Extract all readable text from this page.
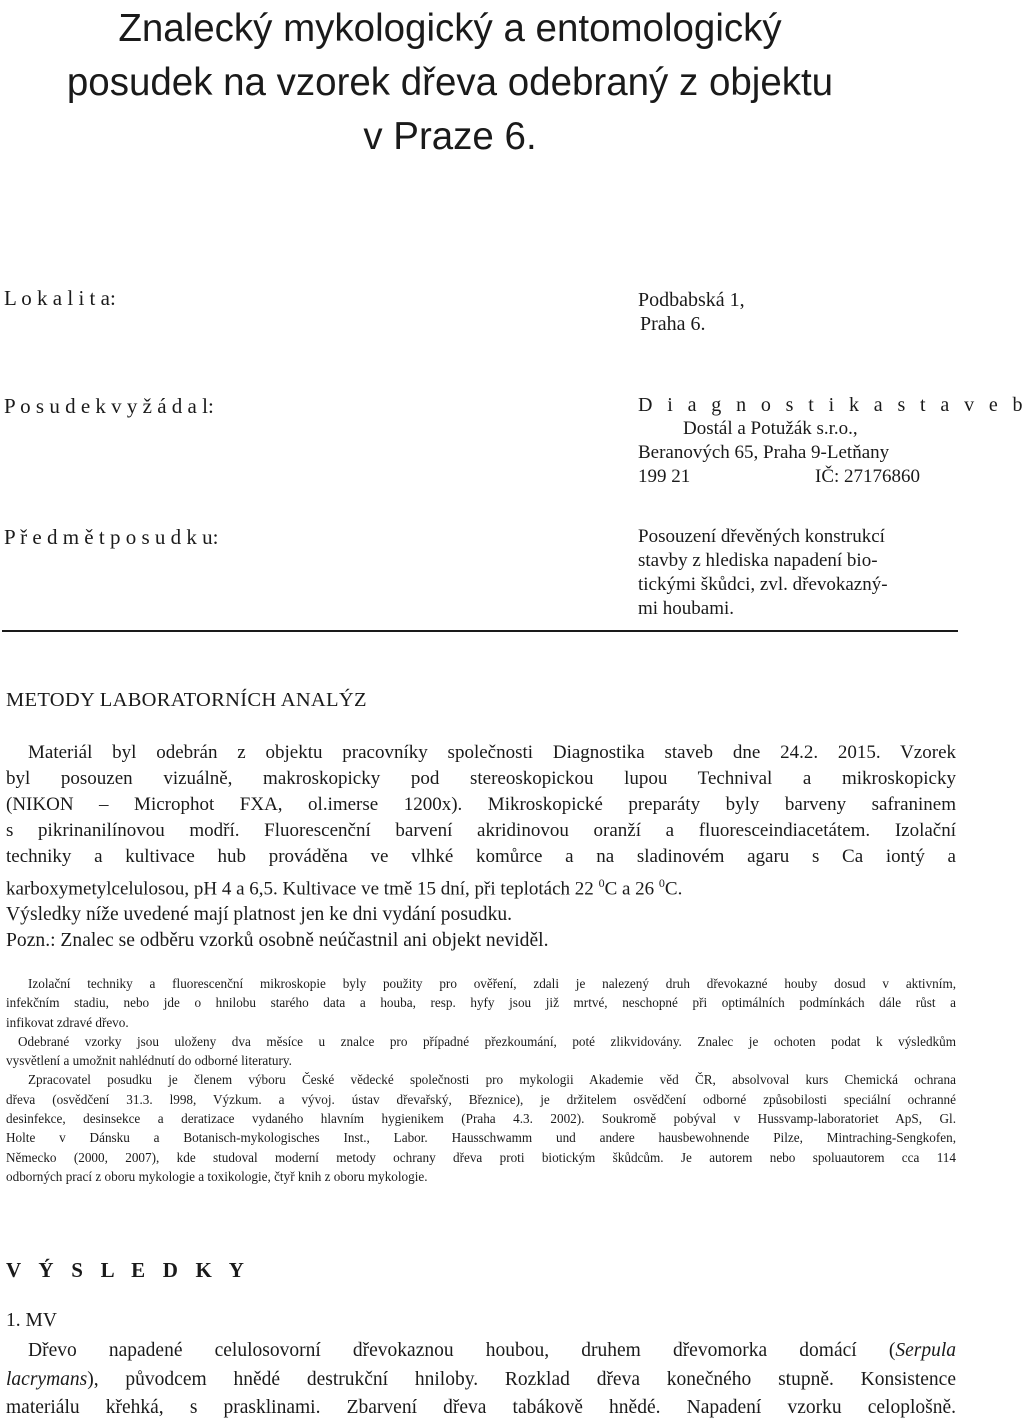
Znalecký mykologický a entomologický
posudek na vzorek dřeva odebraný z objektu
v Praze 6.
L o k a l i t a:	Podbabská 1,
Praha 6.
P o s u d e k v y ž á d a l:	D i a g n o s t i k a s t a v e b
Dostál a Potužák s.r.o.,
Beranových 65, Praha 9-Letňany
199 21	IČ: 27176860
P ř e d m ě t p o s u d k u:	Posouzení dřevěných konstrukcí
stavby z hlediska napadení bio-
tickými škůdci, zvl. dřevokazný-
mi houbami.
METODY LABORATORNÍCH ANALÝZ
Materiál byl odebrán z objektu pracovníky společnosti Diagnostika staveb dne 24.2. 2015. Vzorek
byl posouzen vizuálně, makroskopicky pod stereoskopickou lupou Technival a mikroskopicky
(NIKON – Microphot FXA, ol.imerse 1200x). Mikroskopické preparáty byly barveny safraninem
s pikrinanilínovou modří. Fluorescenční barvení akridinovou oranží a fluoresceindiacetátem. Izolační
techniky a kultivace hub prováděna ve vlhké komůrce a na sladinovém agaru s Ca iontý a
karboxymetylcelulosou, pH 4 a 6,5. Kultivace ve tmě 15 dní, při teplotách 22 $^0$C a 26 $^0$C.
Výsledky níže uvedené mají platnost jen ke dni vydání posudku.
Pozn.: Znalec se odběru vzorků osobně neúčastnil ani objekt neviděl.
Izolační techniky a fluorescenční mikroskopie byly použity pro ověření, zdali je nalezený druh dřevokazné houby dosud v aktivním,
infekčním stadiu, nebo jde o hnilobu starého data a houba, resp. hyfy jsou již mrtvé, neschopné při optimálních podmínkách dále růst a
infikovat zdravé dřevo.
Odebrané vzorky jsou uloženy dva měsíce u znalce pro případné přezkoumání, poté zlikvidovány. Znalec je ochoten podat k výsledkům
vysvětlení a umožnit nahlédnutí do odborné literatury.
Zpracovatel posudku je členem výboru České vědecké společnosti pro mykologii Akademie věd ČR, absolvoval kurs Chemická ochrana
dřeva (osvědčení 31.3. l998, Výzkum. a vývoj. ústav dřevařský, Březnice), je držitelem osvědčení odborné způsobilosti speciální ochranné
desinfekce, desinsekce a deratizace vydaného hlavním hygienikem (Praha 4.3. 2002). Soukromě pobýval v Hussvamp-laboratoriet ApS, Gl.
Holte v Dánsku a Botanisch-mykologisches Inst., Labor. Hausschwamm und andere hausbewohnende Pilze, Mintraching-Sengkofen,
Německo (2000, 2007), kde studoval moderní metody ochrany dřeva proti biotickým škůdcům. Je autorem nebo spoluautorem cca 114
odborných prací z oboru mykologie a toxikologie, čtyř knih z oboru mykologie.
V Ý S L E D K Y
1. MV
Dřevo napadené celulosovorní dřevokaznou houbou, druhem dřevomorka domácí (Serpula
lacrymans), původcem hnědé destrukční hniloby. Rozklad dřeva konečného stupně. Konsistence
materiálu křehká, s prasklinami. Zbarvení dřeva tabákově hnědé. Napadení vzorku celoplošně.
